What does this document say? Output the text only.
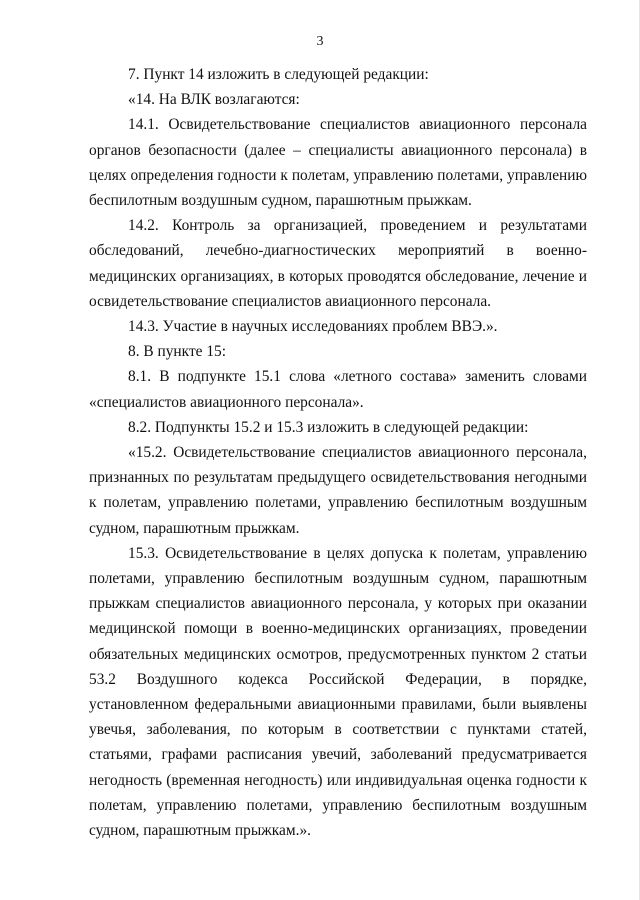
3

7. Пункт 14 изложить в следующей редакции:

«14. На ВЛК возлагаются:

14.1. Освидетельствование специалистов авиационного персонала органов безопасности (далее – специалисты авиационного персонала) в целях определения годности к полетам, управлению полетами, управлению беспилотным воздушным судном, парашютным прыжкам.

14.2. Контроль за организацией, проведением и результатами обследований, лечебно-диагностических мероприятий в военно-медицинских организациях, в которых проводятся обследование, лечение и освидетельствование специалистов авиационного персонала.

14.3. Участие в научных исследованиях проблем ВВЭ.».

8. В пункте 15:

8.1. В подпункте 15.1 слова «летного состава» заменить словами «специалистов авиационного персонала».

8.2. Подпункты 15.2 и 15.3 изложить в следующей редакции:

«15.2. Освидетельствование специалистов авиационного персонала, признанных по результатам предыдущего освидетельствования негодными к полетам, управлению полетами, управлению беспилотным воздушным судном, парашютным прыжкам.

15.3. Освидетельствование в целях допуска к полетам, управлению полетами, управлению беспилотным воздушным судном, парашютным прыжкам специалистов авиационного персонала, у которых при оказании медицинской помощи в военно-медицинских организациях, проведении обязательных медицинских осмотров, предусмотренных пунктом 2 статьи 53.2 Воздушного кодекса Российской Федерации, в порядке, установленном федеральными авиационными правилами, были выявлены увечья, заболевания, по которым в соответствии с пунктами статей, статьями, графами расписания увечий, заболеваний предусматривается негодность (временная негодность) или индивидуальная оценка годности к полетам, управлению полетами, управлению беспилотным воздушным судном, парашютным прыжкам.».
